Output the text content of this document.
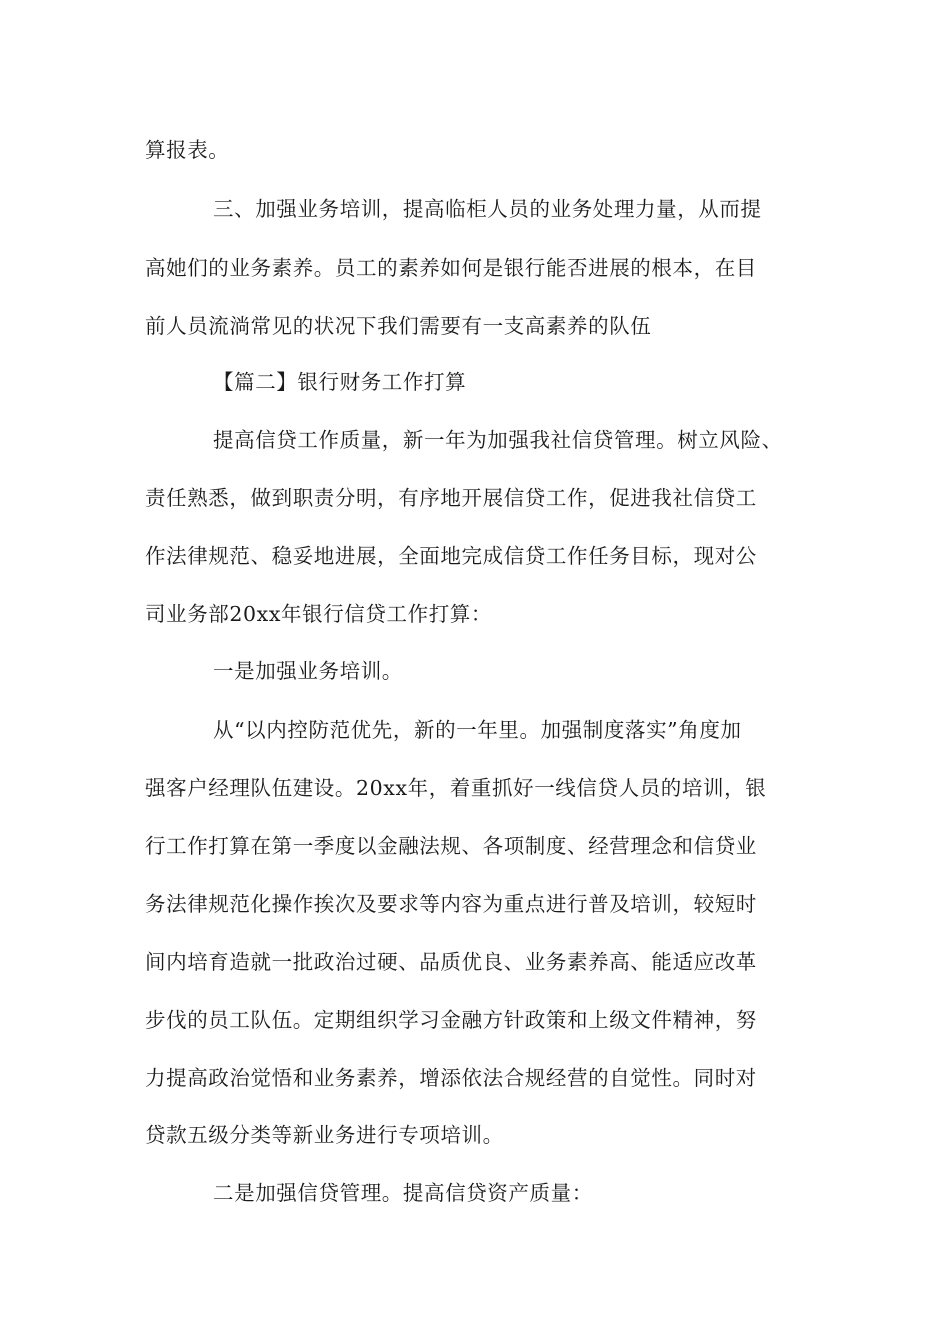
算报表。
三、加强业务培训，提高临柜人员的业务处理力量，从而提
高她们的业务素养。员工的素养如何是银行能否进展的根本，在目
前人员流淌常见的状况下我们需要有一支高素养的队伍
【篇二】银行财务工作打算
提高信贷工作质量，新一年为加强我社信贷管理。树立风险、
责任熟悉，做到职责分明，有序地开展信贷工作，促进我社信贷工
作法律规范、稳妥地进展，全面地完成信贷工作任务目标，现对公
司业务部20xx年银行信贷工作打算：
一是加强业务培训。
从“以内控防范优先，新的一年里。加强制度落实”角度加
强客户经理队伍建设。20xx年，着重抓好一线信贷人员的培训，银
行工作打算在第一季度以金融法规、各项制度、经营理念和信贷业
务法律规范化操作挨次及要求等内容为重点进行普及培训，较短时
间内培育造就一批政治过硬、品质优良、业务素养高、能适应改革
步伐的员工队伍。定期组织学习金融方针政策和上级文件精神，努
力提高政治觉悟和业务素养，增添依法合规经营的自觉性。同时对
贷款五级分类等新业务进行专项培训。
二是加强信贷管理。提高信贷资产质量：
